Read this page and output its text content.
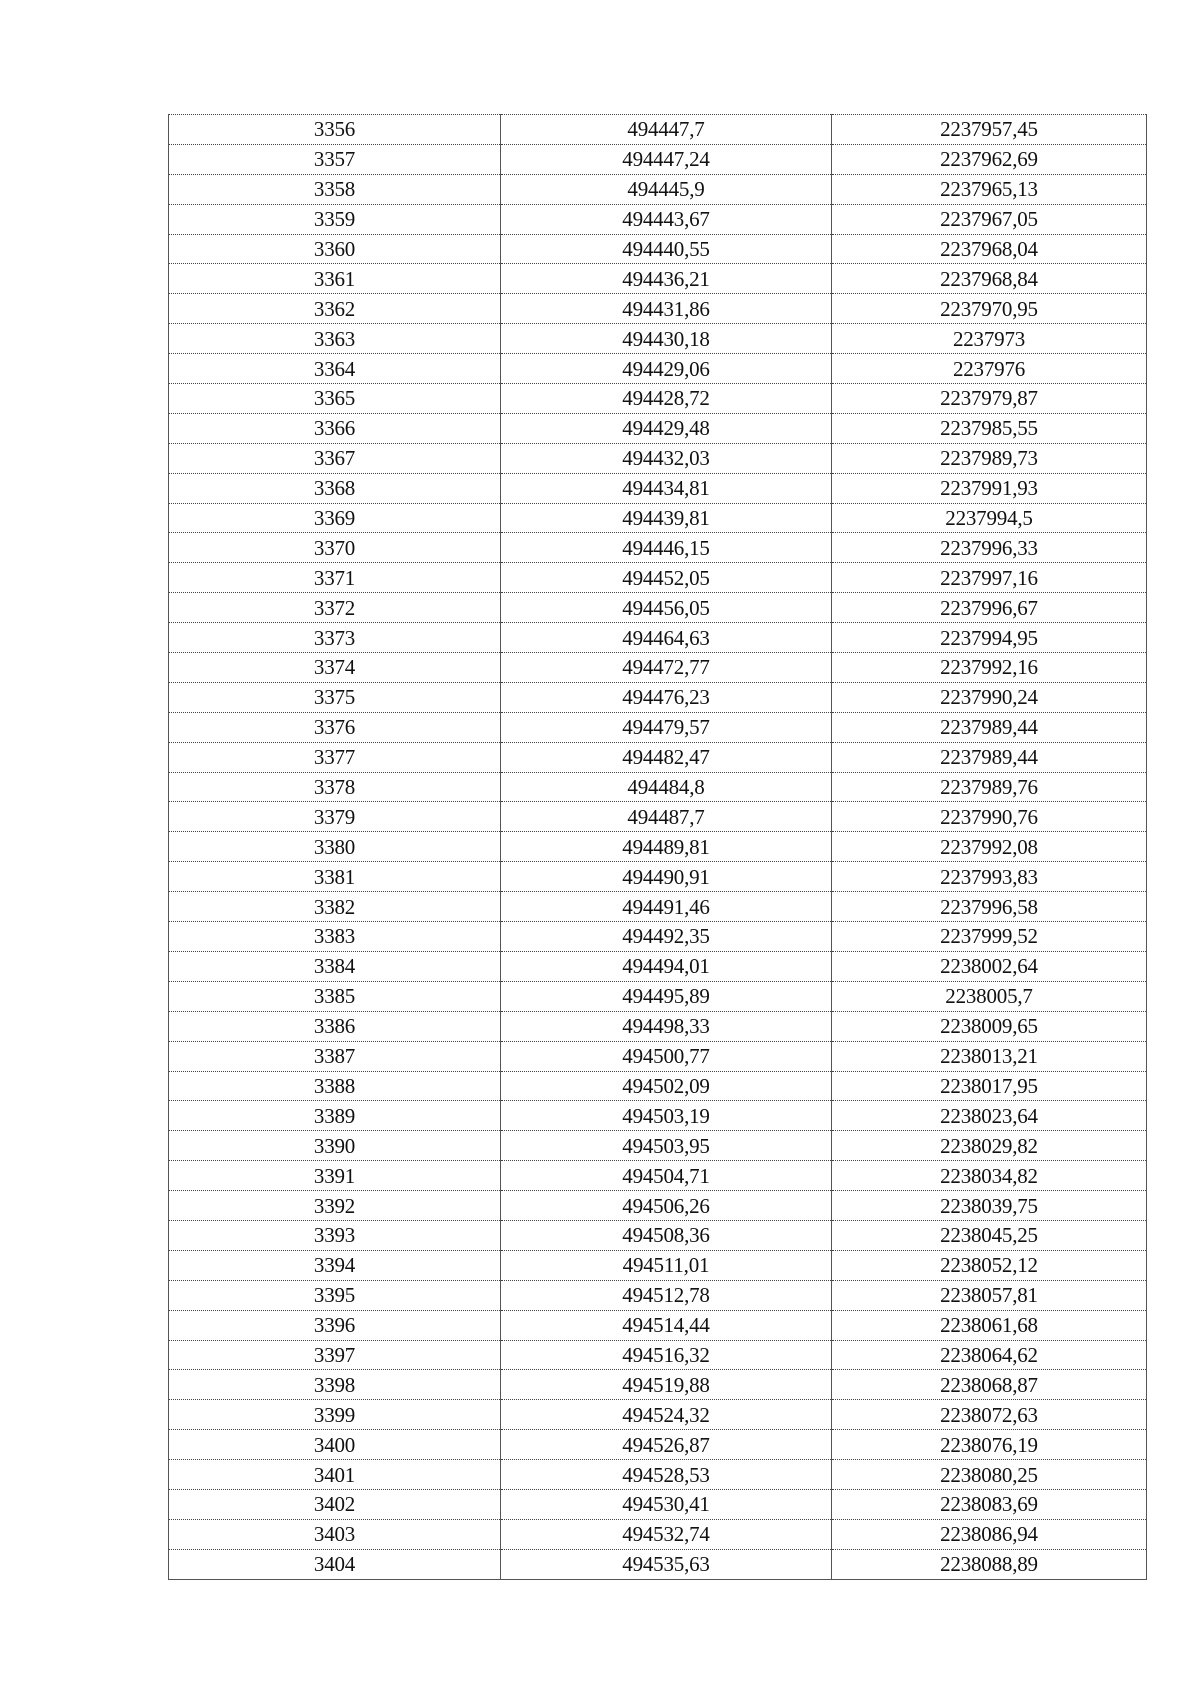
3356	494447,7	2237957,45
3357	494447,24	2237962,69
3358	494445,9	2237965,13
3359	494443,67	2237967,05
3360	494440,55	2237968,04
3361	494436,21	2237968,84
3362	494431,86	2237970,95
3363	494430,18	2237973
3364	494429,06	2237976
3365	494428,72	2237979,87
3366	494429,48	2237985,55
3367	494432,03	2237989,73
3368	494434,81	2237991,93
3369	494439,81	2237994,5
3370	494446,15	2237996,33
3371	494452,05	2237997,16
3372	494456,05	2237996,67
3373	494464,63	2237994,95
3374	494472,77	2237992,16
3375	494476,23	2237990,24
3376	494479,57	2237989,44
3377	494482,47	2237989,44
3378	494484,8	2237989,76
3379	494487,7	2237990,76
3380	494489,81	2237992,08
3381	494490,91	2237993,83
3382	494491,46	2237996,58
3383	494492,35	2237999,52
3384	494494,01	2238002,64
3385	494495,89	2238005,7
3386	494498,33	2238009,65
3387	494500,77	2238013,21
3388	494502,09	2238017,95
3389	494503,19	2238023,64
3390	494503,95	2238029,82
3391	494504,71	2238034,82
3392	494506,26	2238039,75
3393	494508,36	2238045,25
3394	494511,01	2238052,12
3395	494512,78	2238057,81
3396	494514,44	2238061,68
3397	494516,32	2238064,62
3398	494519,88	2238068,87
3399	494524,32	2238072,63
3400	494526,87	2238076,19
3401	494528,53	2238080,25
3402	494530,41	2238083,69
3403	494532,74	2238086,94
3404	494535,63	2238088,89
